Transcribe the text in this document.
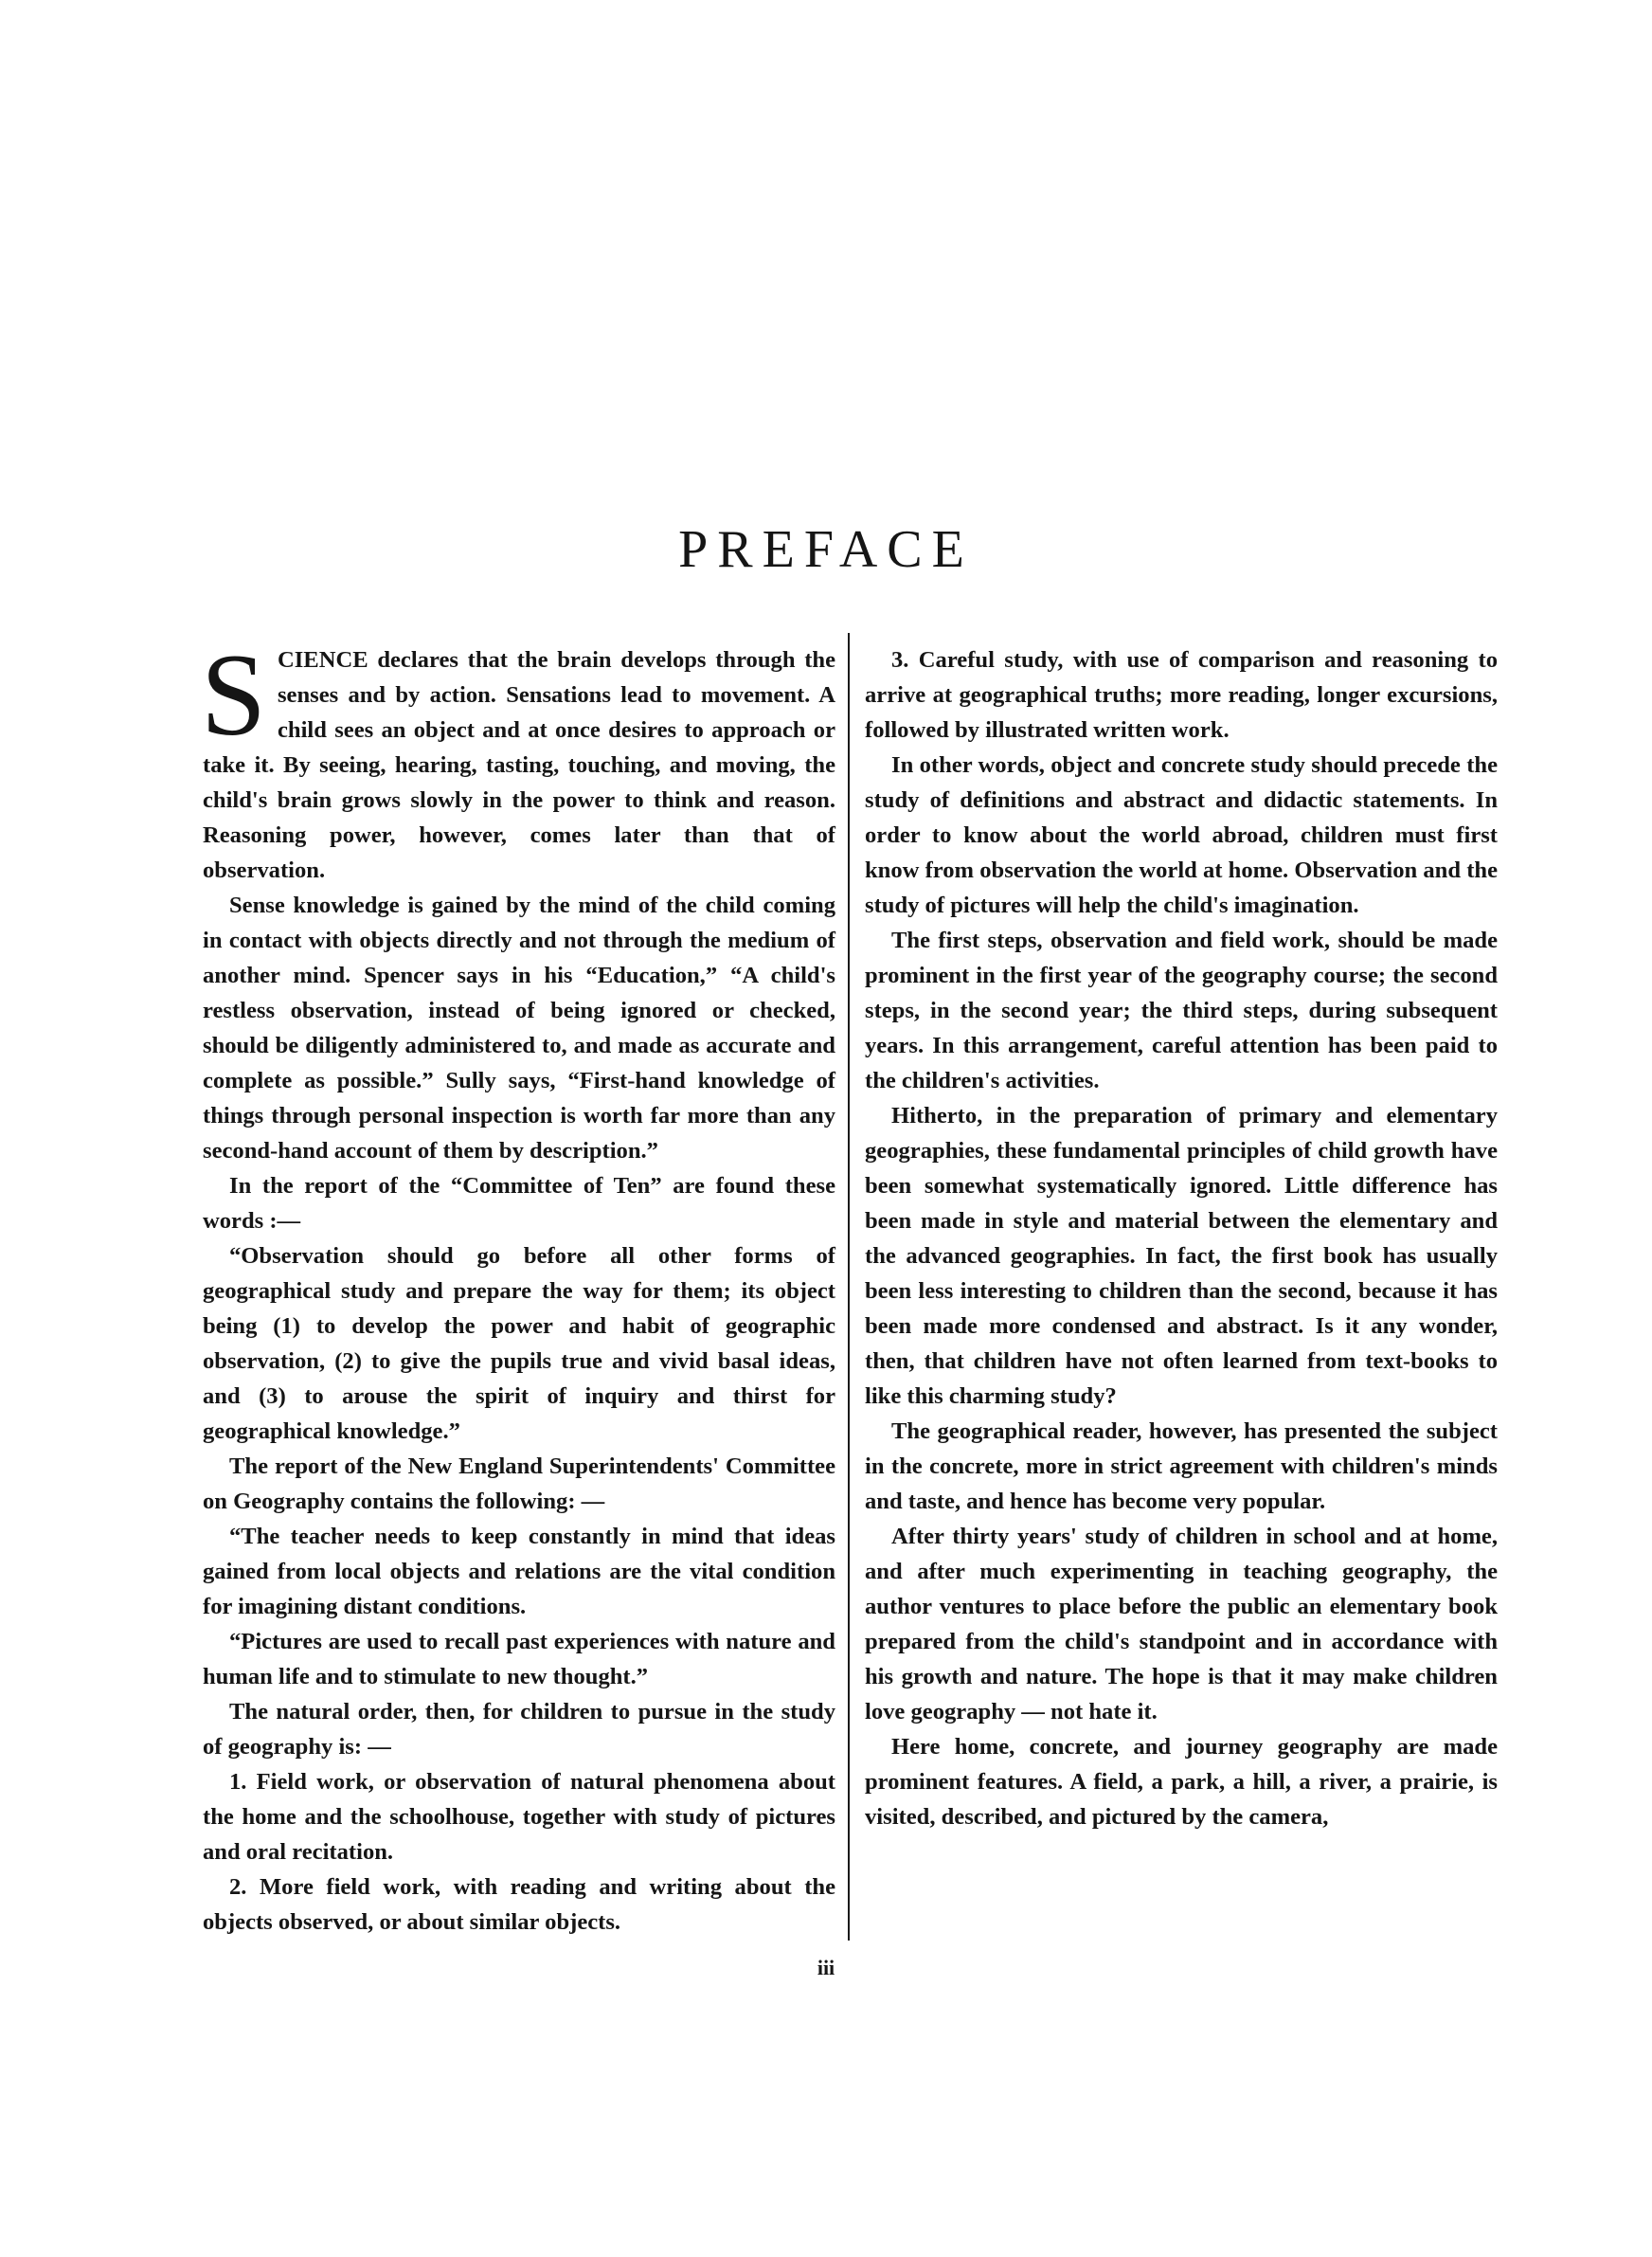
PREFACE

SCIENCE declares that the brain develops through the senses and by action. Sensations lead to movement. A child sees an object and at once desires to approach or take it. By seeing, hearing, tasting, touching, and moving, the child's brain grows slowly in the power to think and reason. Reasoning power, however, comes later than that of observation.

Sense knowledge is gained by the mind of the child coming in contact with objects directly and not through the medium of another mind. Spencer says in his “Education,” “A child's restless observation, instead of being ignored or checked, should be diligently administered to, and made as accurate and complete as possible.” Sully says, “First-hand knowledge of things through personal inspection is worth far more than any second-hand account of them by description.”

In the report of the “Committee of Ten” are found these words :—

“Observation should go before all other forms of geographical study and prepare the way for them; its object being (1) to develop the power and habit of geographic observation, (2) to give the pupils true and vivid basal ideas, and (3) to arouse the spirit of inquiry and thirst for geographical knowledge.”

The report of the New England Superintendents' Committee on Geography contains the following: —

“The teacher needs to keep constantly in mind that ideas gained from local objects and relations are the vital condition for imagining distant conditions.

“Pictures are used to recall past experiences with nature and human life and to stimulate to new thought.”

The natural order, then, for children to pursue in the study of geography is: —

1. Field work, or observation of natural phenomena about the home and the schoolhouse, together with study of pictures and oral recitation.

2. More field work, with reading and writing about the objects observed, or about similar objects.

3. Careful study, with use of comparison and reasoning to arrive at geographical truths; more reading, longer excursions, followed by illustrated written work.

In other words, object and concrete study should precede the study of definitions and abstract and didactic statements. In order to know about the world abroad, children must first know from observation the world at home. Observation and the study of pictures will help the child's imagination.

The first steps, observation and field work, should be made prominent in the first year of the geography course; the second steps, in the second year; the third steps, during subsequent years. In this arrangement, careful attention has been paid to the children's activities.

Hitherto, in the preparation of primary and elementary geographies, these fundamental principles of child growth have been somewhat systematically ignored. Little difference has been made in style and material between the elementary and the advanced geographies. In fact, the first book has usually been less interesting to children than the second, because it has been made more condensed and abstract. Is it any wonder, then, that children have not often learned from text-books to like this charming study?

The geographical reader, however, has presented the subject in the concrete, more in strict agreement with children's minds and taste, and hence has become very popular.

After thirty years' study of children in school and at home, and after much experimenting in teaching geography, the author ventures to place before the public an elementary book prepared from the child's standpoint and in accordance with his growth and nature. The hope is that it may make children love geography — not hate it.

Here home, concrete, and journey geography are made prominent features. A field, a park, a hill, a river, a prairie, is visited, described, and pictured by the camera,

iii
